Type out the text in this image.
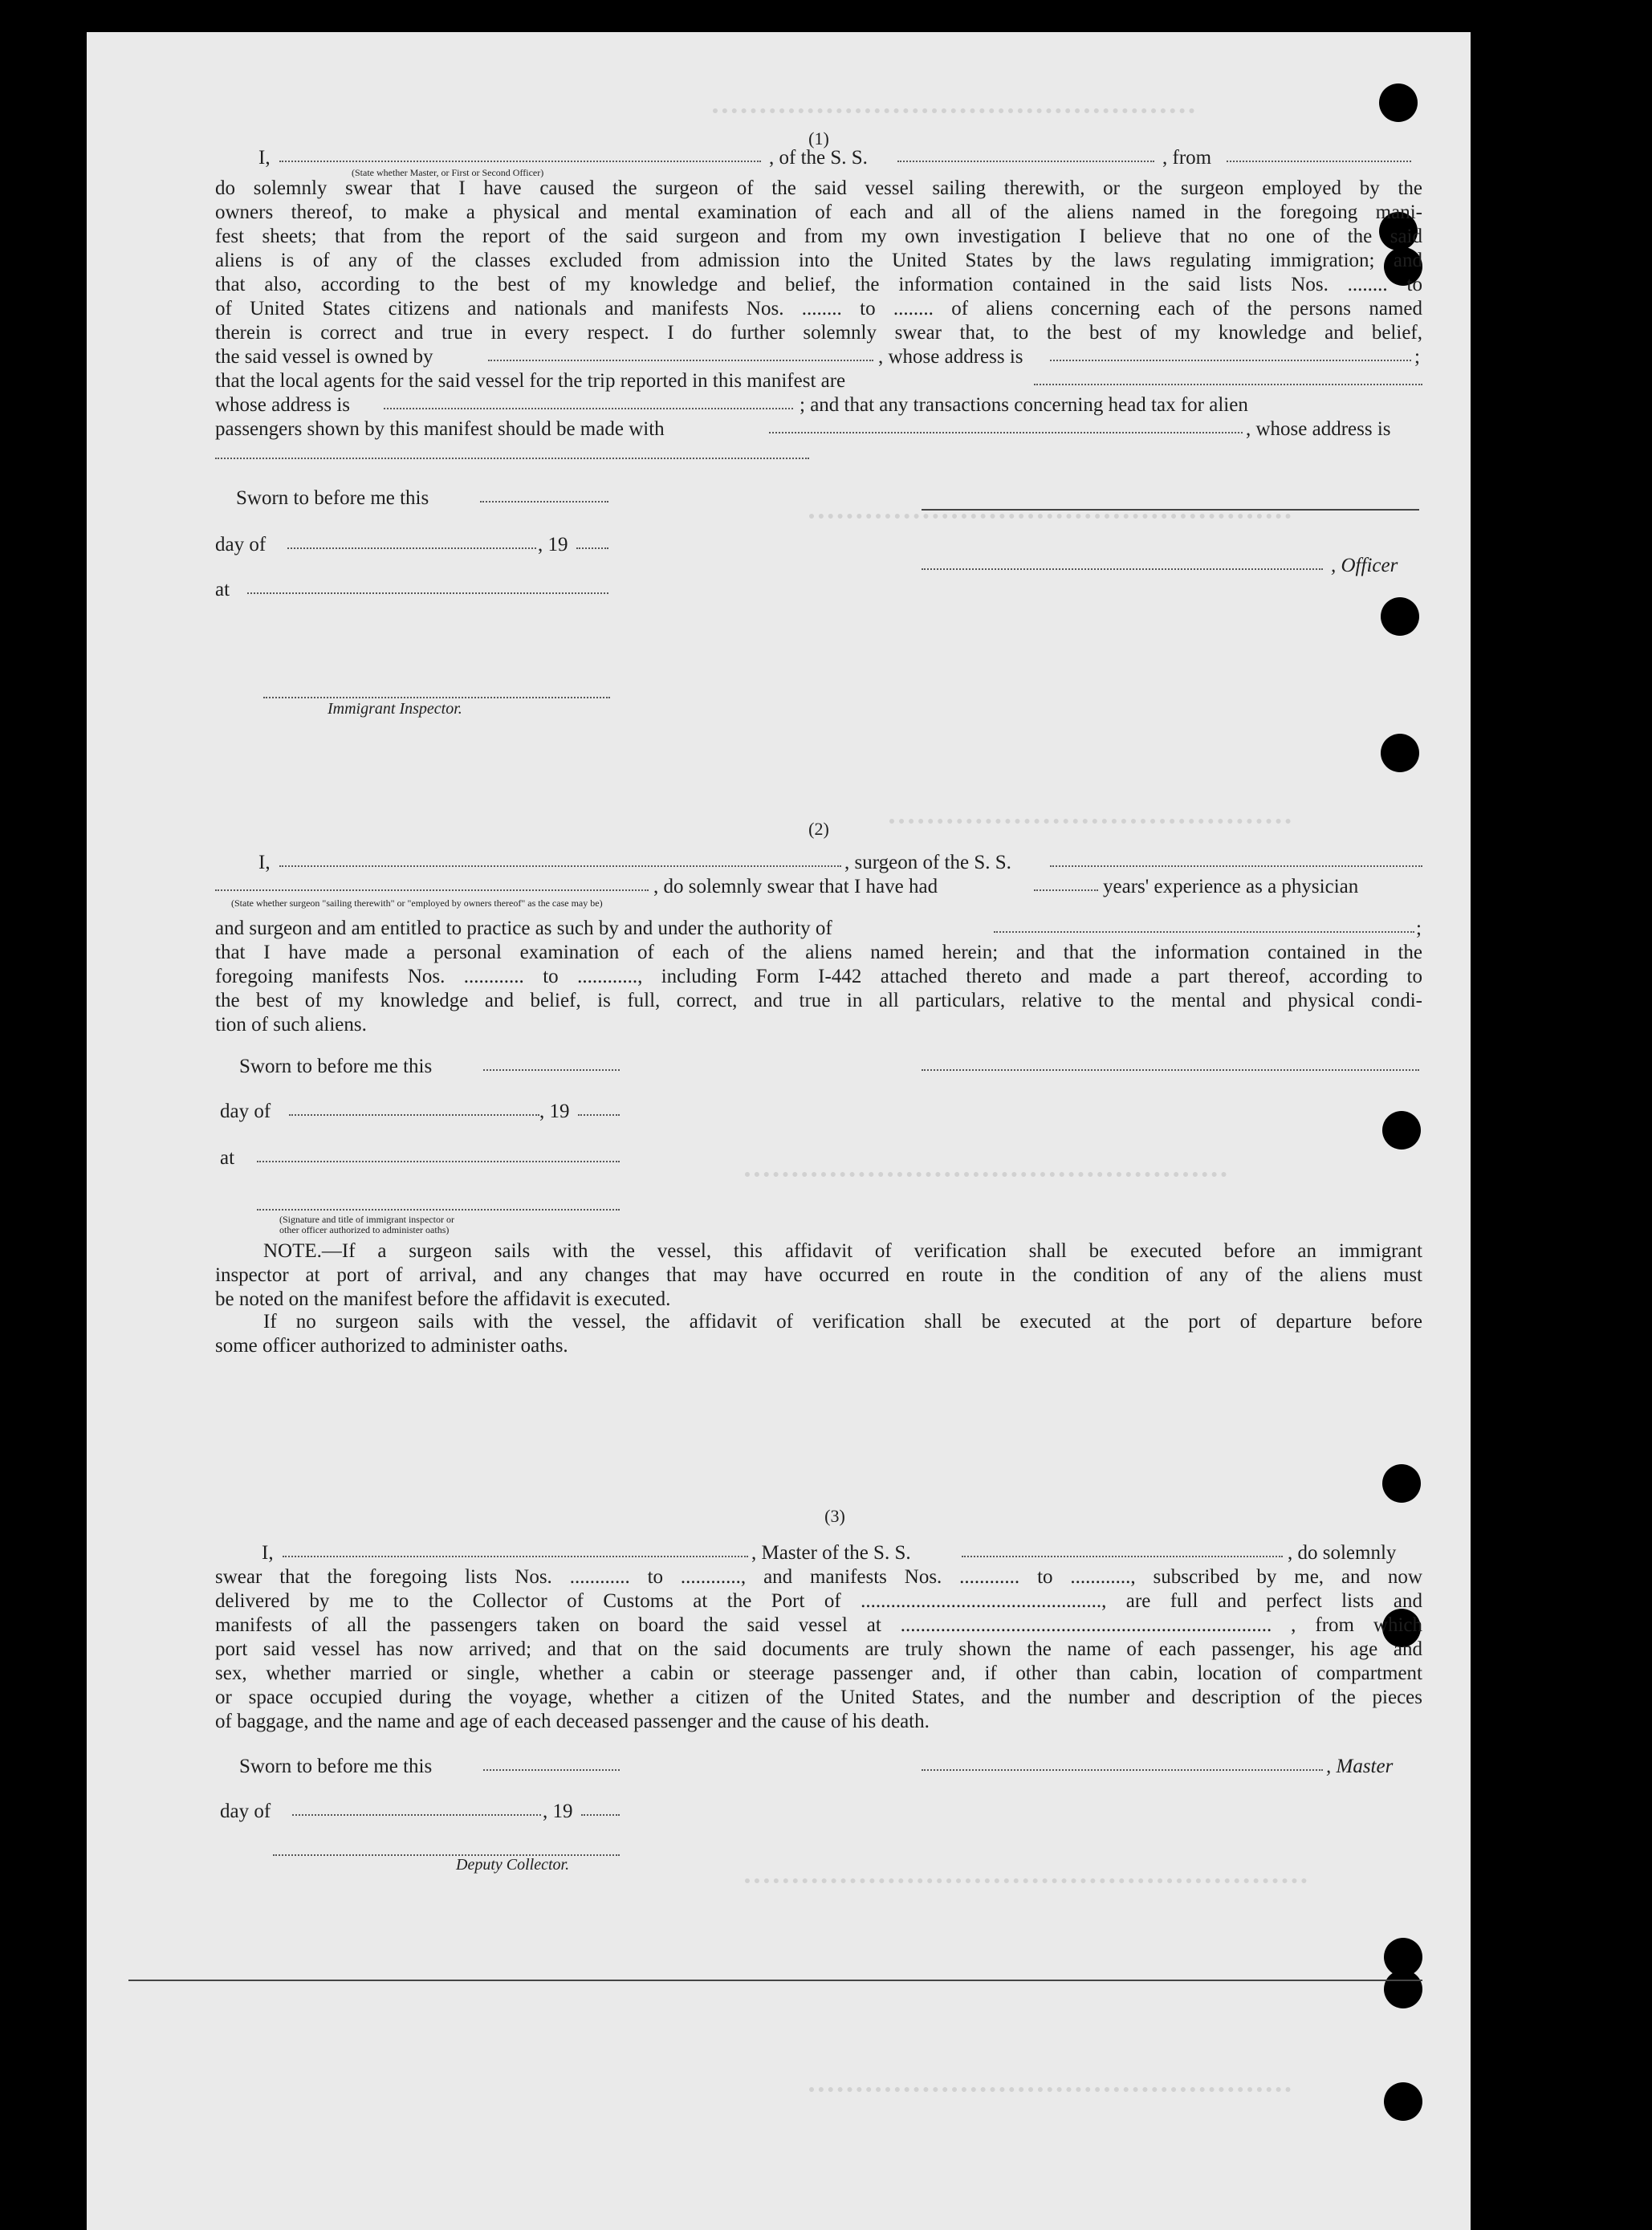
(1)
I,	, of the S. S.	, from
(State whether Master, or First or Second Officer)
do solemnly swear that I have caused the surgeon of the said vessel sailing therewith, or the surgeon employed by the
owners thereof, to make a physical and mental examination of each and all of the aliens named in the foregoing mani-
fest sheets; that from the report of the said surgeon and from my own investigation I believe that no one of the said
aliens is of any of the classes excluded from admission into the United States by the laws regulating immigration; and
that also, according to the best of my knowledge and belief, the information contained in the said lists Nos. ........ to
of United States citizens and nationals and manifests Nos. ........ to ........ of aliens concerning each of the persons named
therein is correct and true in every respect. I do further solemnly swear that, to the best of my knowledge and belief,
the said vessel is owned by	, whose address is	;
that the local agents for the said vessel for the trip reported in this manifest are
whose address is	; and that any transactions concerning head tax for alien
passengers shown by this manifest should be made with	, whose address is
Sworn to before me this
day of	, 19
, Officer
at
Immigrant Inspector.
(2)
I,	, surgeon of the S. S.
, do solemnly swear that I have had	years' experience as a physician
(State whether surgeon "sailing therewith" or "employed by owners thereof" as the case may be)
and surgeon and am entitled to practice as such by and under the authority of	;
that I have made a personal examination of each of the aliens named herein; and that the information contained in the
foregoing manifests Nos. ............ to ............, including Form I-442 attached thereto and made a part thereof, according to
the best of my knowledge and belief, is full, correct, and true in all particulars, relative to the mental and physical condi-
tion of such aliens.
Sworn to before me this
day of	, 19
at
(Signature and title of immigrant inspector or
other officer authorized to administer oaths)
NOTE.—If a surgeon sails with the vessel, this affidavit of verification shall be executed before an immigrant
inspector at port of arrival, and any changes that may have occurred en route in the condition of any of the aliens must
be noted on the manifest before the affidavit is executed.
If no surgeon sails with the vessel, the affidavit of verification shall be executed at the port of departure before
some officer authorized to administer oaths.
(3)
I,	, Master of the S. S.	, do solemnly
swear that the foregoing lists Nos. ............ to ............, and manifests Nos. ............ to ............, subscribed by me, and now
delivered by me to the Collector of Customs at the Port of ................................................, are full and perfect lists and
manifests of all the passengers taken on board the said vessel at .......................................................................... , from which
port said vessel has now arrived; and that on the said documents are truly shown the name of each passenger, his age and
sex, whether married or single, whether a cabin or steerage passenger and, if other than cabin, location of compartment
or space occupied during the voyage, whether a citizen of the United States, and the number and description of the pieces
of baggage, and the name and age of each deceased passenger and the cause of his death.
Sworn to before me this	, Master
day of	, 19
Deputy Collector.
